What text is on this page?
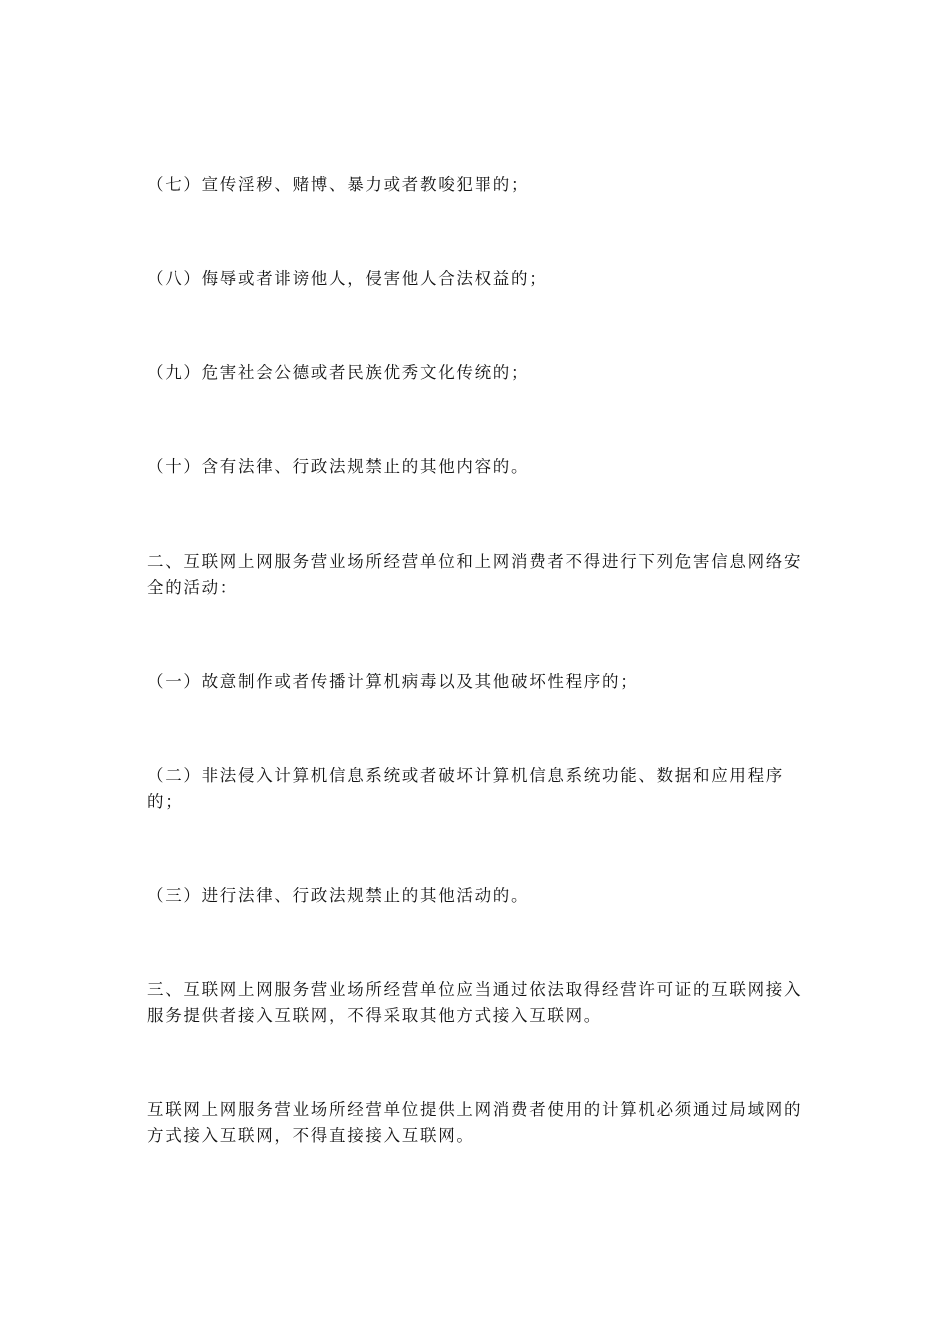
（七）宣传淫秽、赌博、暴力或者教唆犯罪的；

（八）侮辱或者诽谤他人，侵害他人合法权益的；

（九）危害社会公德或者民族优秀文化传统的；

（十）含有法律、行政法规禁止的其他内容的。

二、互联网上网服务营业场所经营单位和上网消费者不得进行下列危害信息网络安全的活动：

（一）故意制作或者传播计算机病毒以及其他破坏性程序的；

（二）非法侵入计算机信息系统或者破坏计算机信息系统功能、数据和应用程序的；

（三）进行法律、行政法规禁止的其他活动的。

三、互联网上网服务营业场所经营单位应当通过依法取得经营许可证的互联网接入服务提供者接入互联网，不得采取其他方式接入互联网。

互联网上网服务营业场所经营单位提供上网消费者使用的计算机必须通过局域网的方式接入互联网，不得直接接入互联网。
